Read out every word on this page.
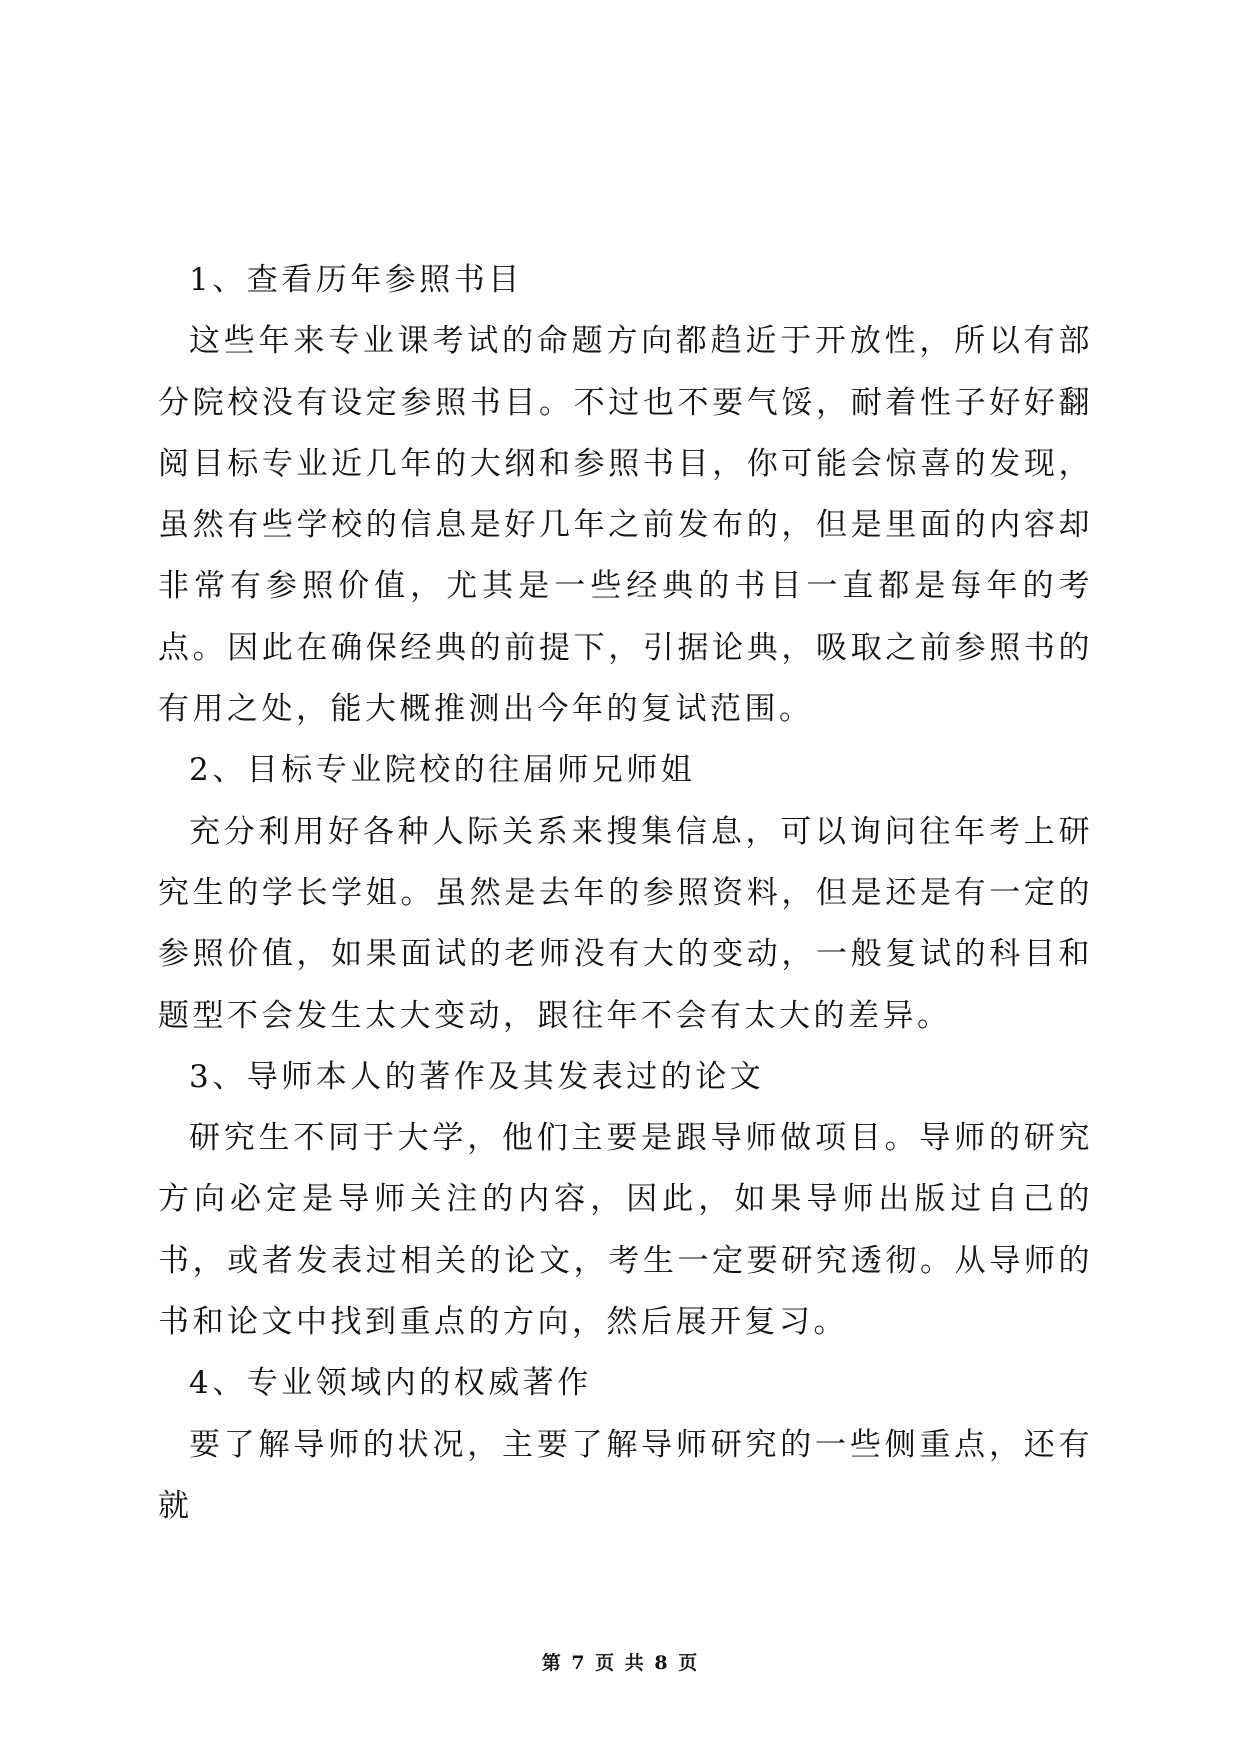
1、查看历年参照书目

这些年来专业课考试的命题方向都趋近于开放性，所以有部分院校没有设定参照书目。不过也不要气馁，耐着性子好好翻阅目标专业近几年的大纲和参照书目，你可能会惊喜的发现，虽然有些学校的信息是好几年之前发布的，但是里面的内容却非常有参照价值，尤其是一些经典的书目一直都是每年的考点。因此在确保经典的前提下，引据论典，吸取之前参照书的有用之处，能大概推测出今年的复试范围。

2、目标专业院校的往届师兄师姐

充分利用好各种人际关系来搜集信息，可以询问往年考上研究生的学长学姐。虽然是去年的参照资料，但是还是有一定的参照价值，如果面试的老师没有大的变动，一般复试的科目和题型不会发生太大变动，跟往年不会有太大的差异。

3、导师本人的著作及其发表过的论文

研究生不同于大学，他们主要是跟导师做项目。导师的研究方向必定是导师关注的内容，因此，如果导师出版过自己的书，或者发表过相关的论文，考生一定要研究透彻。从导师的书和论文中找到重点的方向，然后展开复习。

4、专业领域内的权威著作

要了解导师的状况，主要了解导师研究的一些侧重点，还有就

第 7 页 共 8 页
